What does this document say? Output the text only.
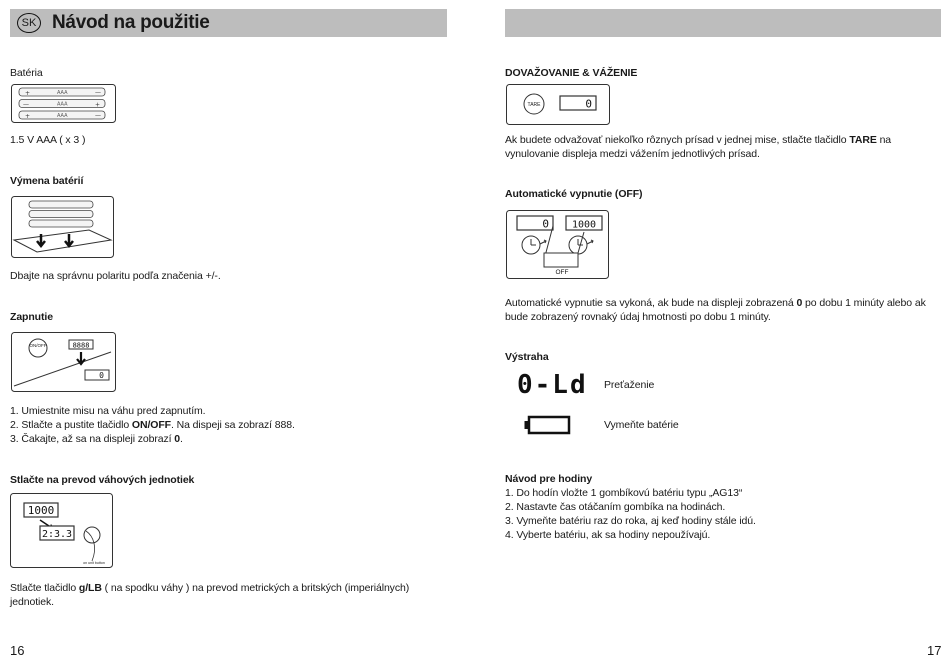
SK Návod na použitie
Batéria
+	—
—	+
+	—
AAA
AAA
AAA
1.5 V AAA ( x 3 )
Výmena batérií
Dbajte na správnu polaritu podľa značenia +/-.
Zapnutie
ON/OFF	8888
0
1. Umiestnite misu na váhu pred zapnutím.
2. Stlačte a pustite tlačidlo ON/OFF. Na dispeji sa zobrazí 888.
3. Čakajte, až sa na displeji zobrazí 0.
Stlačte na prevod váhových jednotiek
1000
2:3.3
on unit button
Stlačte tlačidlo g/LB ( na spodku váhy ) na prevod metrických a britských (imperiálnych) jednotiek.
16
DOVAŽOVANIE & VÁŽENIE
TARE	0
Ak budete odvažovať niekoľko rôznych prísad v jednej mise, stlačte tlačidlo TARE na vynulovanie displeja medzi vážením jednotlivých prísad.
Automatické vypnutie (OFF)
0 1000
OFF
Automatické vypnutie sa vykoná, ak bude na displeji zobrazená 0 po dobu 1 minúty alebo ak bude zobrazený rovnaký údaj hmotnosti po dobu 1 minúty.
Výstraha
0-Ld Preťaženie
Vymeňte batérie
Návod pre hodiny
1. Do hodín vložte 1 gombíkovú batériu typu „AG13“
2. Nastavte čas otáčaním gombíka na hodinách.
3. Vymeňte batériu raz do roka, aj keď hodiny stále idú.
4. Vyberte batériu, ak sa hodiny nepoužívajú.
17
